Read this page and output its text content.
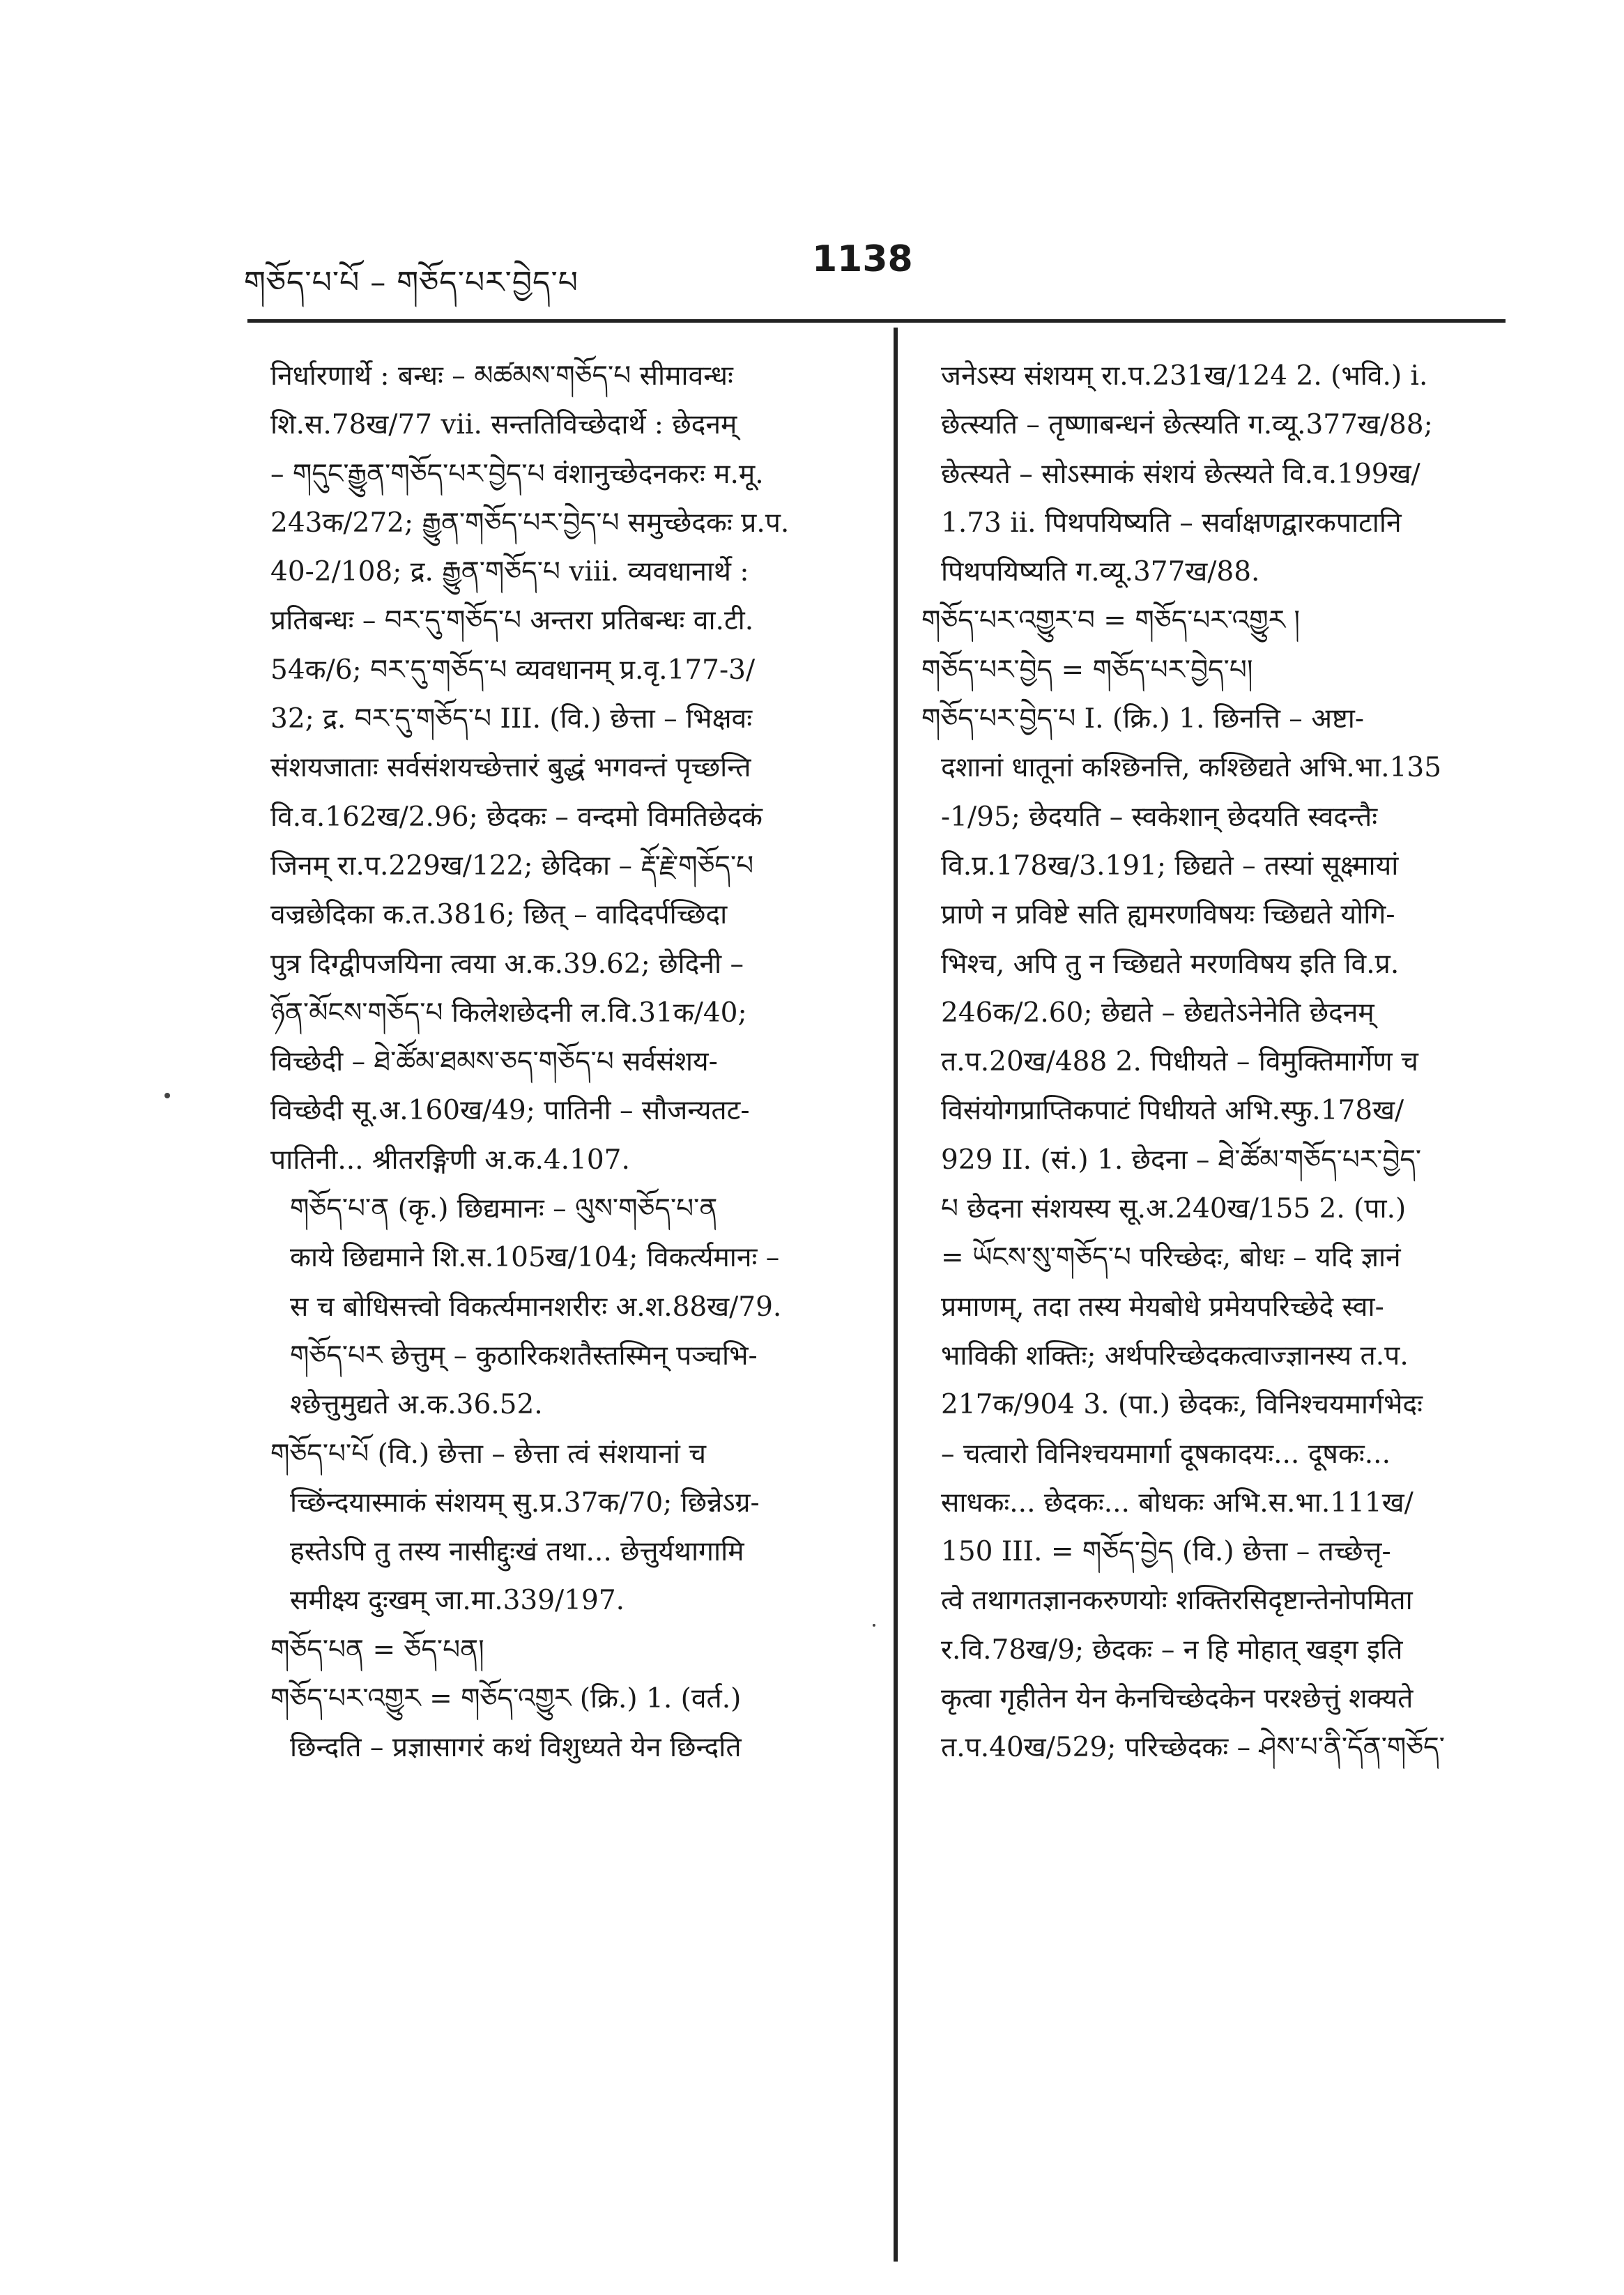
གཅོད་པ་པོ – གཅོད་པར་བྱེད་པ
1138
निर्धारणार्थे : बन्धः – མཚམས་གཅོད་པ सीमावन्धः
शि.स.78ख/77 vii. सन्ततिविच्छेदार्थे : छेदनम्
– གདུང་རྒྱུན་གཅོད་པར་བྱེད་པ वंशानुच्छेदनकरः म.मू.
243क/272; རྒྱུན་གཅོད་པར་བྱེད་པ समुच्छेदकः प्र.प.
40-2/108; द्र. རྒྱུན་གཅོད་པ viii. व्यवधानार्थे :
प्रतिबन्धः – བར་དུ་གཅོད་པ अन्तरा प्रतिबन्धः वा.टी.
54क/6; བར་དུ་གཅོད་པ व्यवधानम् प्र.वृ.177-3/
32; द्र. བར་དུ་གཅོད་པ III. (वि.) छेत्ता – भिक्षवः
संशयजाताः सर्वसंशयच्छेत्तारं बुद्धं भगवन्तं पृच्छन्ति
वि.व.162ख/2.96; छेदकः – वन्दमो विमतिछेदकं
जिनम् रा.प.229ख/122; छेदिका – རྡོ་རྗེ་གཅོད་པ
वज्रछेदिका क.त.3816; छित् – वादिदर्पच्छिदा
पुत्र दिग्द्वीपजयिना त्वया अ.क.39.62; छेदिनी –
ཉོན་མོངས་གཅོད་པ किलेशछेदनी ल.वि.31क/40;
विच्छेदी – ཐེ་ཚོམ་ཐམས་ཅད་གཅོད་པ सर्वसंशय-
विच्छेदी सू.अ.160ख/49; पातिनी – सौजन्यतट-
पातिनी... श्रीतरङ्गिणी अ.क.4.107.
གཅོད་པ་ན (कृ.) छिद्यमानः – ལུས་གཅོད་པ་ན
काये छिद्यमाने शि.स.105ख/104; विकर्त्यमानः –
स च बोधिसत्त्वो विकर्त्यमानशरीरः अ.श.88ख/79.
གཅོད་པར छेत्तुम् – कुठारिकशतैस्तस्मिन् पञ्चभि-
श्छेत्तुमुद्यते अ.क.36.52.
གཅོད་པ་པོ (वि.) छेत्ता – छेत्ता त्वं संशयानां च
च्छिंन्दयास्माकं संशयम् सु.प्र.37क/70; छिन्नेऽग्र-
हस्तेऽपि तु तस्य नासीद्दुःखं तथा... छेत्तुर्यथागामि
समीक्ष्य दुःखम् जा.मा.339/197.
གཅོད་པན = ཅོད་པན།
གཅོད་པར་འགྱུར = གཅོད་འགྱུར (क्रि.) 1. (वर्त.)
छिन्दति – प्रज्ञासागरं कथं विशुध्यते येन छिन्दति
जनेऽस्य संशयम् रा.प.231ख/124 2. (भवि.) i.
छेत्स्यति – तृष्णाबन्धनं छेत्स्यति ग.व्यू.377ख/88;
छेत्स्यते – सोऽस्माकं संशयं छेत्स्यते वि.व.199ख/
1.73 ii. पिथपयिष्यति – सर्वाक्षणद्वारकपाटानि
पिथपयिष्यति ग.व्यू.377ख/88.
གཅོད་པར་འགྱུར་བ = གཅོད་པར་འགྱུར །
གཅོད་པར་བྱེད = གཅོད་པར་བྱེད་པ།
གཅོད་པར་བྱེད་པ I. (क्रि.) 1. छिनत्ति – अष्टा-
दशानां धातूनां कश्छिनत्ति, कश्छिद्यते अभि.भा.135
-1/95; छेदयति – स्वकेशान् छेदयति स्वदन्तैः
वि.प्र.178ख/3.191; छिद्यते – तस्यां सूक्ष्मायां
प्राणे न प्रविष्टे सति ह्यमरणविषयः च्छिद्यते योगि-
भिश्च, अपि तु न च्छिद्यते मरणविषय इति वि.प्र.
246क/2.60; छेद्यते – छेद्यतेऽनेनेति छेदनम्
त.प.20ख/488 2. पिधीयते – विमुक्तिमार्गेण च
विसंयोगप्राप्तिकपाटं पिधीयते अभि.स्फु.178ख/
929 II. (सं.) 1. छेदना – ཐེ་ཚོམ་གཅོད་པར་བྱེད་
པ छेदना संशयस्य सू.अ.240ख/155 2. (पा.)
= ཡོངས་སུ་གཅོད་པ परिच्छेदः, बोधः – यदि ज्ञानं
प्रमाणम्, तदा तस्य मेयबोधे प्रमेयपरिच्छेदे स्वा-
भाविकी शक्तिः; अर्थपरिच्छेदकत्वाज्ज्ञानस्य त.प.
217क/904 3. (पा.) छेदकः, विनिश्चयमार्गभेदः
– चत्वारो विनिश्चयमार्गा दूषकादयः... दूषकः...
साधकः... छेदकः... बोधकः अभि.स.भा.111ख/
150 III. = གཅོད་བྱེད (वि.) छेत्ता – तच्छेत्तृ-
त्वे तथागतज्ञानकरुणयोः शक्तिरसिदृष्टान्तेनोपमिता
र.वि.78ख/9; छेदकः – न हि मोहात् खड्ग इति
कृत्वा गृहीतेन येन केनचिच्छेदकेन परश्छेत्तुं शक्यते
त.प.40ख/529; परिच्छेदकः – ཤེས་པ་ནི་དོན་གཅོད་
